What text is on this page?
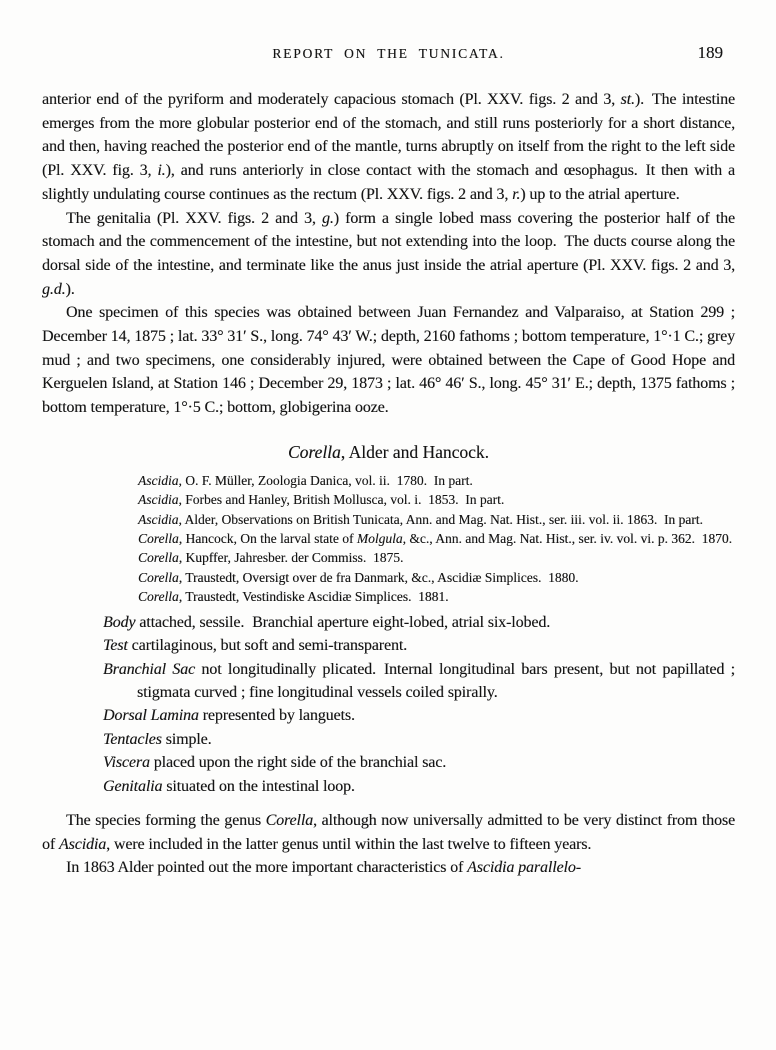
REPORT ON THE TUNICATA.	189

anterior end of the pyriform and moderately capacious stomach (Pl. XXV. figs. 2 and 3, st.). The intestine emerges from the more globular posterior end of the stomach, and still runs posteriorly for a short distance, and then, having reached the posterior end of the mantle, turns abruptly on itself from the right to the left side (Pl. XXV. fig. 3, i.), and runs anteriorly in close contact with the stomach and œsophagus. It then with a slightly undulating course continues as the rectum (Pl. XXV. figs. 2 and 3, r.) up to the atrial aperture.

The genitalia (Pl. XXV. figs. 2 and 3, g.) form a single lobed mass covering the posterior half of the stomach and the commencement of the intestine, but not extending into the loop. The ducts course along the dorsal side of the intestine, and terminate like the anus just inside the atrial aperture (Pl. XXV. figs. 2 and 3, g.d.).

One specimen of this species was obtained between Juan Fernandez and Valparaiso, at Station 299 ; December 14, 1875 ; lat. 33° 31′ S., long. 74° 43′ W.; depth, 2160 fathoms ; bottom temperature, 1°·1 C.; grey mud ; and two specimens, one considerably injured, were obtained between the Cape of Good Hope and Kerguelen Island, at Station 146 ; December 29, 1873 ; lat. 46° 46′ S., long. 45° 31′ E.; depth, 1375 fathoms ; bottom temperature, 1°·5 C.; bottom, globigerina ooze.

Corella, Alder and Hancock.

Ascidia, O. F. Müller, Zoologia Danica, vol. ii. 1780. In part.

Ascidia, Forbes and Hanley, British Mollusca, vol. i. 1853. In part.

Ascidia, Alder, Observations on British Tunicata, Ann. and Mag. Nat. Hist., ser. iii. vol. ii. 1863. In part.

Corella, Hancock, On the larval state of Molgula, &c., Ann. and Mag. Nat. Hist., ser. iv. vol. vi. p. 362. 1870.

Corella, Kupffer, Jahresber. der Commiss. 1875.

Corella, Traustedt, Oversigt over de fra Danmark, &c., Ascidiæ Simplices. 1880.

Corella, Traustedt, Vestindiske Ascidiæ Simplices. 1881.

Body attached, sessile. Branchial aperture eight-lobed, atrial six-lobed.

Test cartilaginous, but soft and semi-transparent.

Branchial Sac not longitudinally plicated. Internal longitudinal bars present, but not papillated ; stigmata curved ; fine longitudinal vessels coiled spirally.

Dorsal Lamina represented by languets.

Tentacles simple.

Viscera placed upon the right side of the branchial sac.

Genitalia situated on the intestinal loop.

The species forming the genus Corella, although now universally admitted to be very distinct from those of Ascidia, were included in the latter genus until within the last twelve to fifteen years.

In 1863 Alder pointed out the more important characteristics of Ascidia parallelo-
